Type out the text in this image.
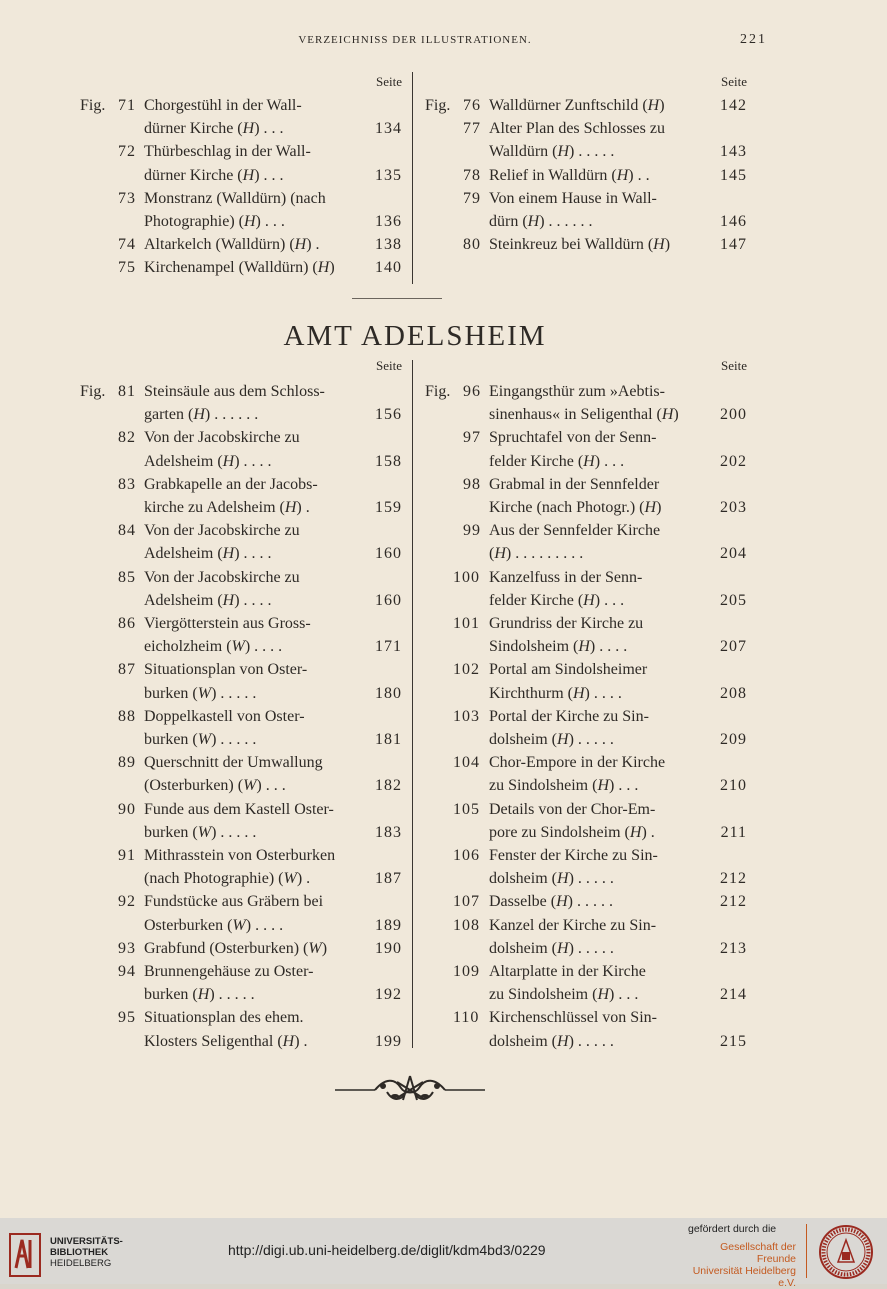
VERZEICHNISS DER ILLUSTRATIONEN.	221
Seite
Fig. 71 Chorgestühl in der Wall-
dürner Kirche (H) . . .	134
72 Thürbeschlag in der Wall-
dürner Kirche (H) . . .	135
73 Monstranz (Walldürn) (nach
Photographie) (H) . . .	136
74 Altarkelch (Walldürn) (H) .	138
75 Kirchenampel (Walldürn) (H)	140
Seite
Fig. 76 Walldürner Zunftschild (H)	142
77 Alter Plan des Schlosses zu
Walldürn (H) . . . . .	143
78 Relief in Walldürn (H) . .	145
79 Von einem Hause in Wall-
dürn (H) . . . . . .	146
80 Steinkreuz bei Walldürn (H)	147
AMT ADELSHEIM
Seite
Fig. 81 Steinsäule aus dem Schloss-
garten (H) . . . . . .	156
82 Von der Jacobskirche zu
Adelsheim (H) . . . .	158
83 Grabkapelle an der Jacobs-
kirche zu Adelsheim (H) .	159
84 Von der Jacobskirche zu
Adelsheim (H) . . . .	160
85 Von der Jacobskirche zu
Adelsheim (H) . . . .	160
86 Viergötterstein aus Gross-
eicholzheim (W) . . . .	171
87 Situationsplan von Oster-
burken (W) . . . . .	180
88 Doppelkastell von Oster-
burken (W) . . . . .	181
89 Querschnitt der Umwallung
(Osterburken) (W) . . .	182
90 Funde aus dem Kastell Oster-
burken (W) . . . . .	183
91 Mithrasstein von Osterburken
(nach Photographie) (W) .	187
92 Fundstücke aus Gräbern bei
Osterburken (W) . . . .	189
93 Grabfund (Osterburken) (W)	190
94 Brunnengehäuse zu Oster-
burken (H) . . . . .	192
95 Situationsplan des ehem.
Klosters Seligenthal (H) .	199
Seite
Fig. 96 Eingangsthür zum »Aebtis-
sinenhaus« in Seligenthal (H)	200
97 Spruchtafel von der Senn-
felder Kirche (H) . . .	202
98 Grabmal in der Sennfelder
Kirche (nach Photogr.) (H)	203
99 Aus der Sennfelder Kirche
(H) . . . . . . . . .	204
100 Kanzelfuss in der Senn-
felder Kirche (H) . . .	205
101 Grundriss der Kirche zu
Sindolsheim (H) . . . .	207
102 Portal am Sindolsheimer
Kirchthurm (H) . . . .	208
103 Portal der Kirche zu Sin-
dolsheim (H) . . . . .	209
104 Chor-Empore in der Kirche
zu Sindolsheim (H) . . .	210
105 Details von der Chor-Em-
pore zu Sindolsheim (H) .	211
106 Fenster der Kirche zu Sin-
dolsheim (H) . . . . .	212
107 Dasselbe (H) . . . . .	212
108 Kanzel der Kirche zu Sin-
dolsheim (H) . . . . .	213
109 Altarplatte in der Kirche
zu Sindolsheim (H) . . .	214
110 Kirchenschlüssel von Sin-
dolsheim (H) . . . . .	215
UNIVERSITÄTS-
BIBLIOTHEK
HEIDELBERG
http://digi.ub.uni-heidelberg.de/diglit/kdm4bd3/0229
gefördert durch die
Gesellschaft der Freunde
Universität Heidelberg e.V.
